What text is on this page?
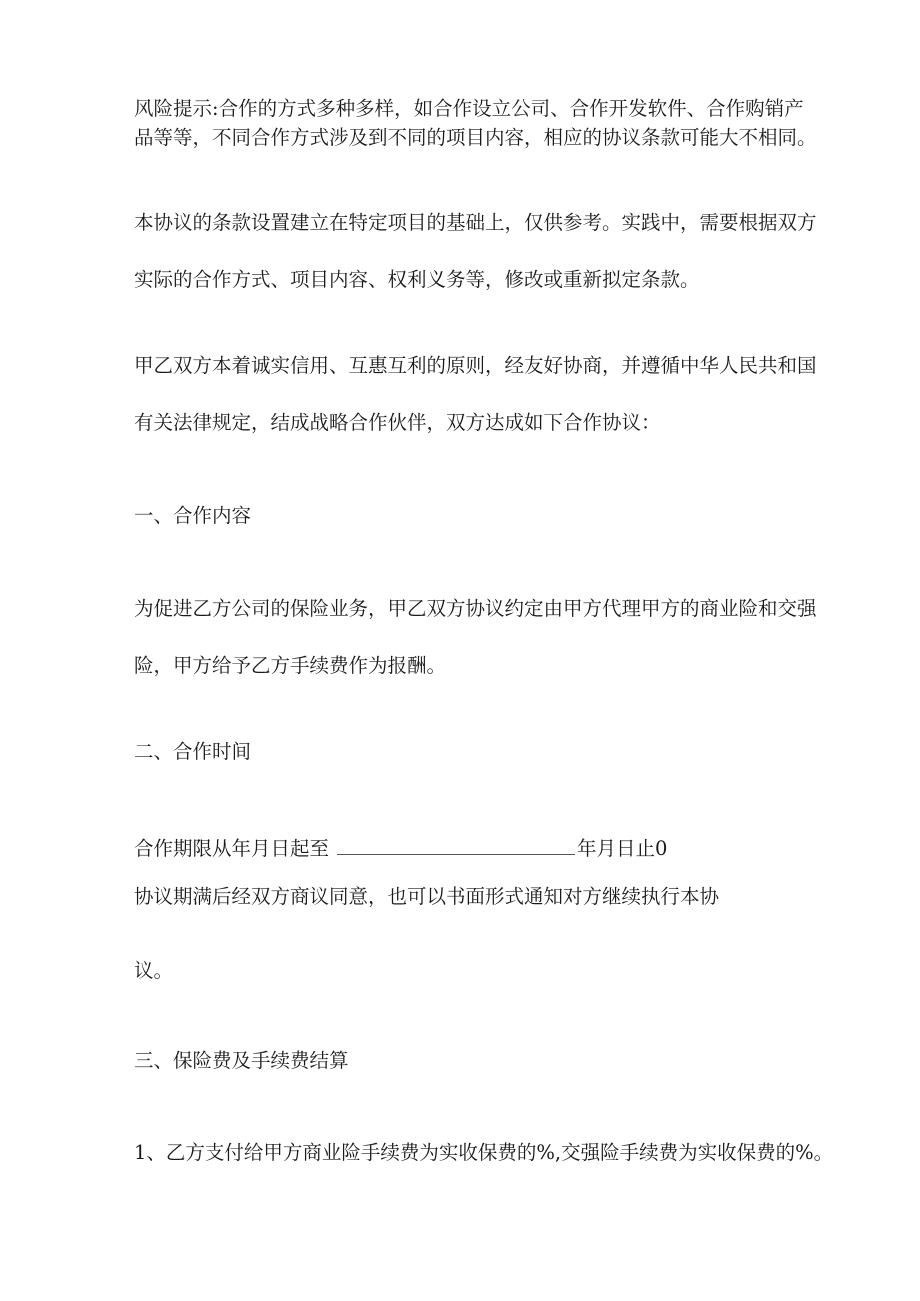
风险提示:合作的方式多种多样，如合作设立公司、合作开发软件、合作购销产
品等等，不同合作方式涉及到不同的项目内容，相应的协议条款可能大不相同。
本协议的条款设置建立在特定项目的基础上，仅供参考。实践中，需要根据双方
实际的合作方式、项目内容、权利义务等，修改或重新拟定条款。
甲乙双方本着诚实信用、互惠互利的原则，经友好协商，并遵循中华人民共和国
有关法律规定，结成战略合作伙伴，双方达成如下合作协议：
一、合作内容
为促进乙方公司的保险业务，甲乙双方协议约定由甲方代理甲方的商业险和交强
险，甲方给予乙方手续费作为报酬。
二、合作时间
合作期限从年月日起至	年月日止0
协议期满后经双方商议同意，也可以书面形式通知对方继续执行本协
议。
三、保险费及手续费结算
1、乙方支付给甲方商业险手续费为实收保费的%,交强险手续费为实收保费的%。
